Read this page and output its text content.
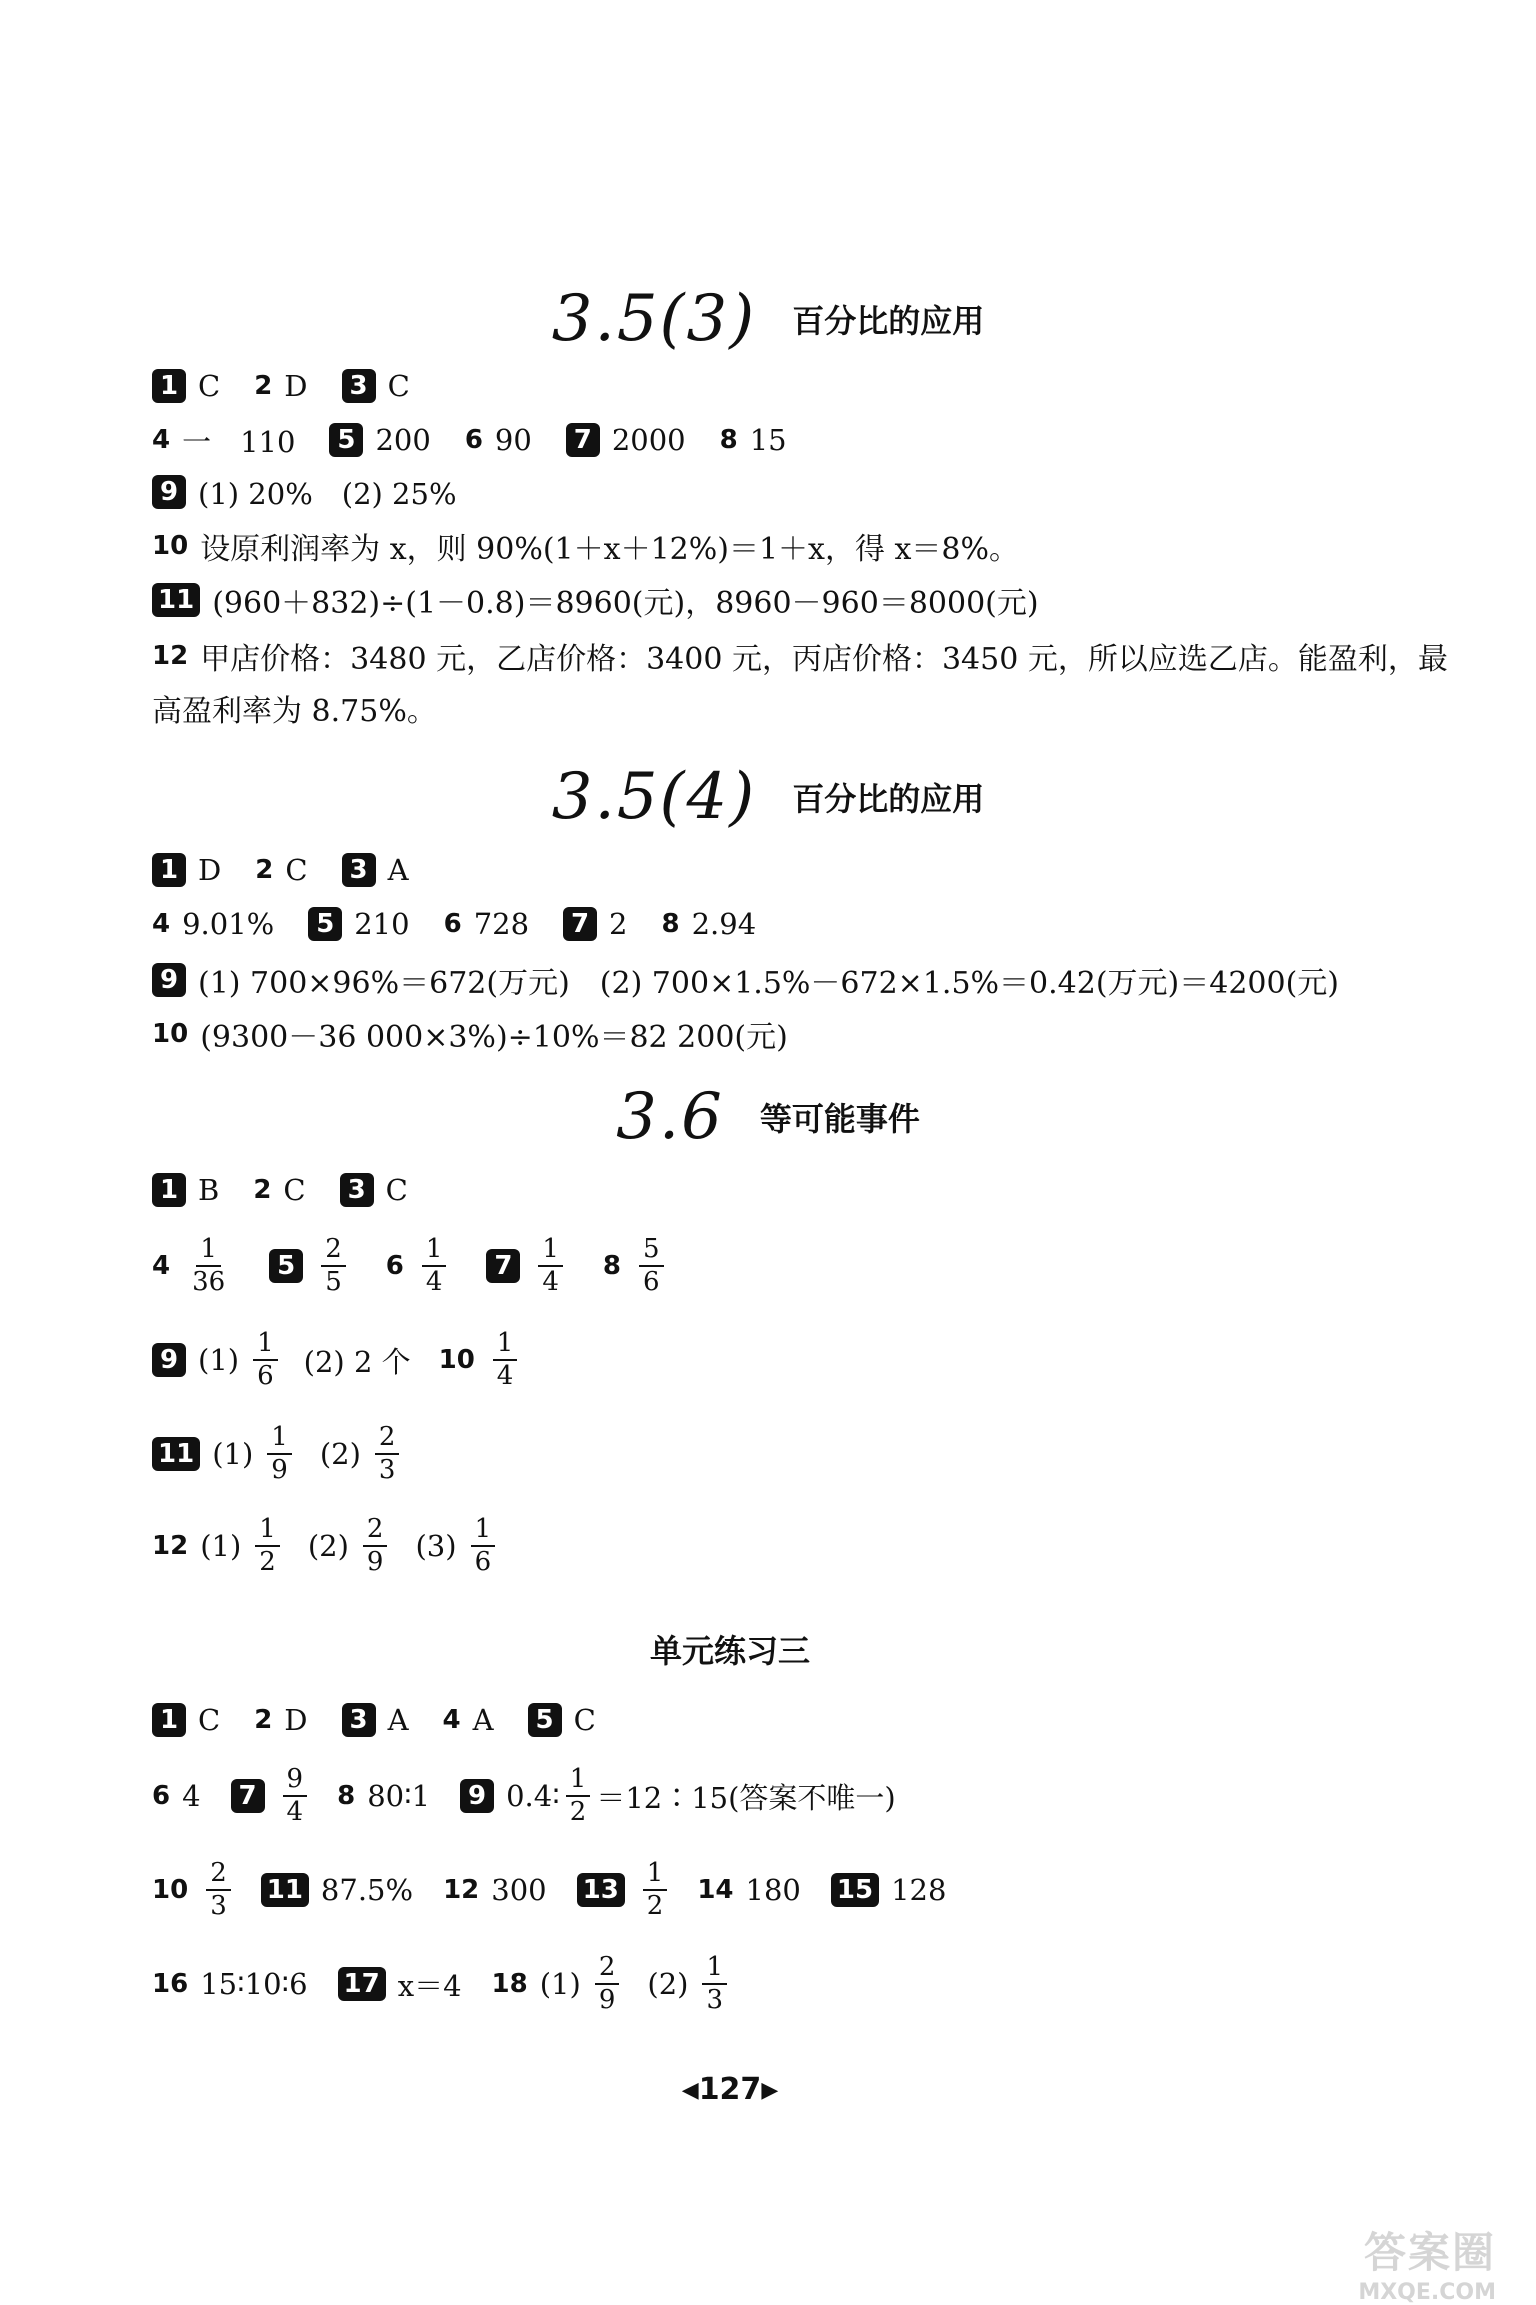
3.5(3) 百分比的应用
1 C 2 D	3 C
4 一　110	5 200 6 90	7 2000 8 15
9 (1) 20%　(2) 25%
10 设原利润率为 x，则 90%(1＋x＋12%)＝1＋x，得 x＝8%。
11 (960＋832)÷(1－0.8)＝8960(元)，8960－960＝8000(元)
12 甲店价格：3480 元，乙店价格：3400 元，丙店价格：3450 元，所以应选乙店。能盈利，最
高盈利率为 8.75%。
3.5(4) 百分比的应用
1 D 2 C	3 A
4 9.01%	5 210 6 728	7 2 8 2.94
9 (1) 700×96%＝672(万元)　(2) 700×1.5%－672×1.5%＝0.42(万元)＝4200(元)
10 (9300－36 000×3%)÷10%＝82 200(元)
3.6 等可能事件
1 B 2 C	3 C
$4 \frac{1}{36}$	$5 \frac{2}{5} 6 \frac{1}{4}$	$7 \frac{1}{4} 8 \frac{5}{6}$
9 $(1) \frac{1}{6} (2)$ 2 个 $10 \frac{1}{4}$
11 $(1) \frac{1}{9} (2) \frac{2}{3}$
12 $(1) \frac{1}{2} (2) \frac{2}{9} (3) \frac{1}{6}$
单元练习三
1 C 2 D	3 A 4 A	5 C
6 4	$7 \frac{9}{4} 8$ 80∶1	9 0.4∶ $\frac{1}{2}$ ＝12∶15(答案不唯一)
$10 \frac{2}{3} 11$ 87.5% 12 300 $13 \frac{1}{2} 14$ 180 15 128
16 15∶10∶6 17 x＝4 18 $(1) \frac{2}{9} (2) \frac{1}{3}$
◀127▶
答案圈
MXQE.COM
